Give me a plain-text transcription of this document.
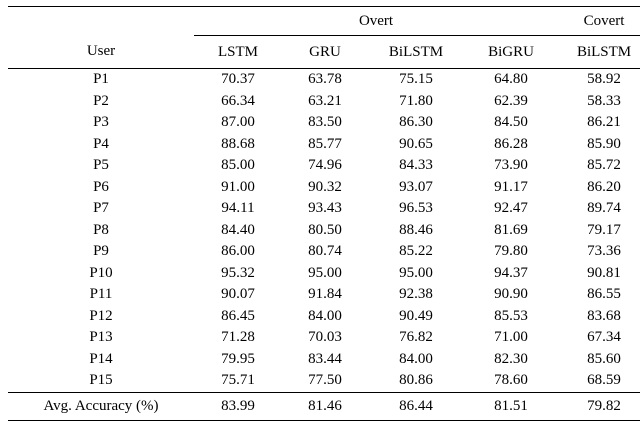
	Overt				Covert
User	LSTM	GRU	BiLSTM	BiGRU	BiLSTM
P1	70.37	63.78	75.15	64.80	58.92
P2	66.34	63.21	71.80	62.39	58.33
P3	87.00	83.50	86.30	84.50	86.21
P4	88.68	85.77	90.65	86.28	85.90
P5	85.00	74.96	84.33	73.90	85.72
P6	91.00	90.32	93.07	91.17	86.20
P7	94.11	93.43	96.53	92.47	89.74
P8	84.40	80.50	88.46	81.69	79.17
P9	86.00	80.74	85.22	79.80	73.36
P10	95.32	95.00	95.00	94.37	90.81
P11	90.07	91.84	92.38	90.90	86.55
P12	86.45	84.00	90.49	85.53	83.68
P13	71.28	70.03	76.82	71.00	67.34
P14	79.95	83.44	84.00	82.30	85.60
P15	75.71	77.50	80.86	78.60	68.59
Avg. Accuracy (%)	83.99	81.46	86.44	81.51	79.82
